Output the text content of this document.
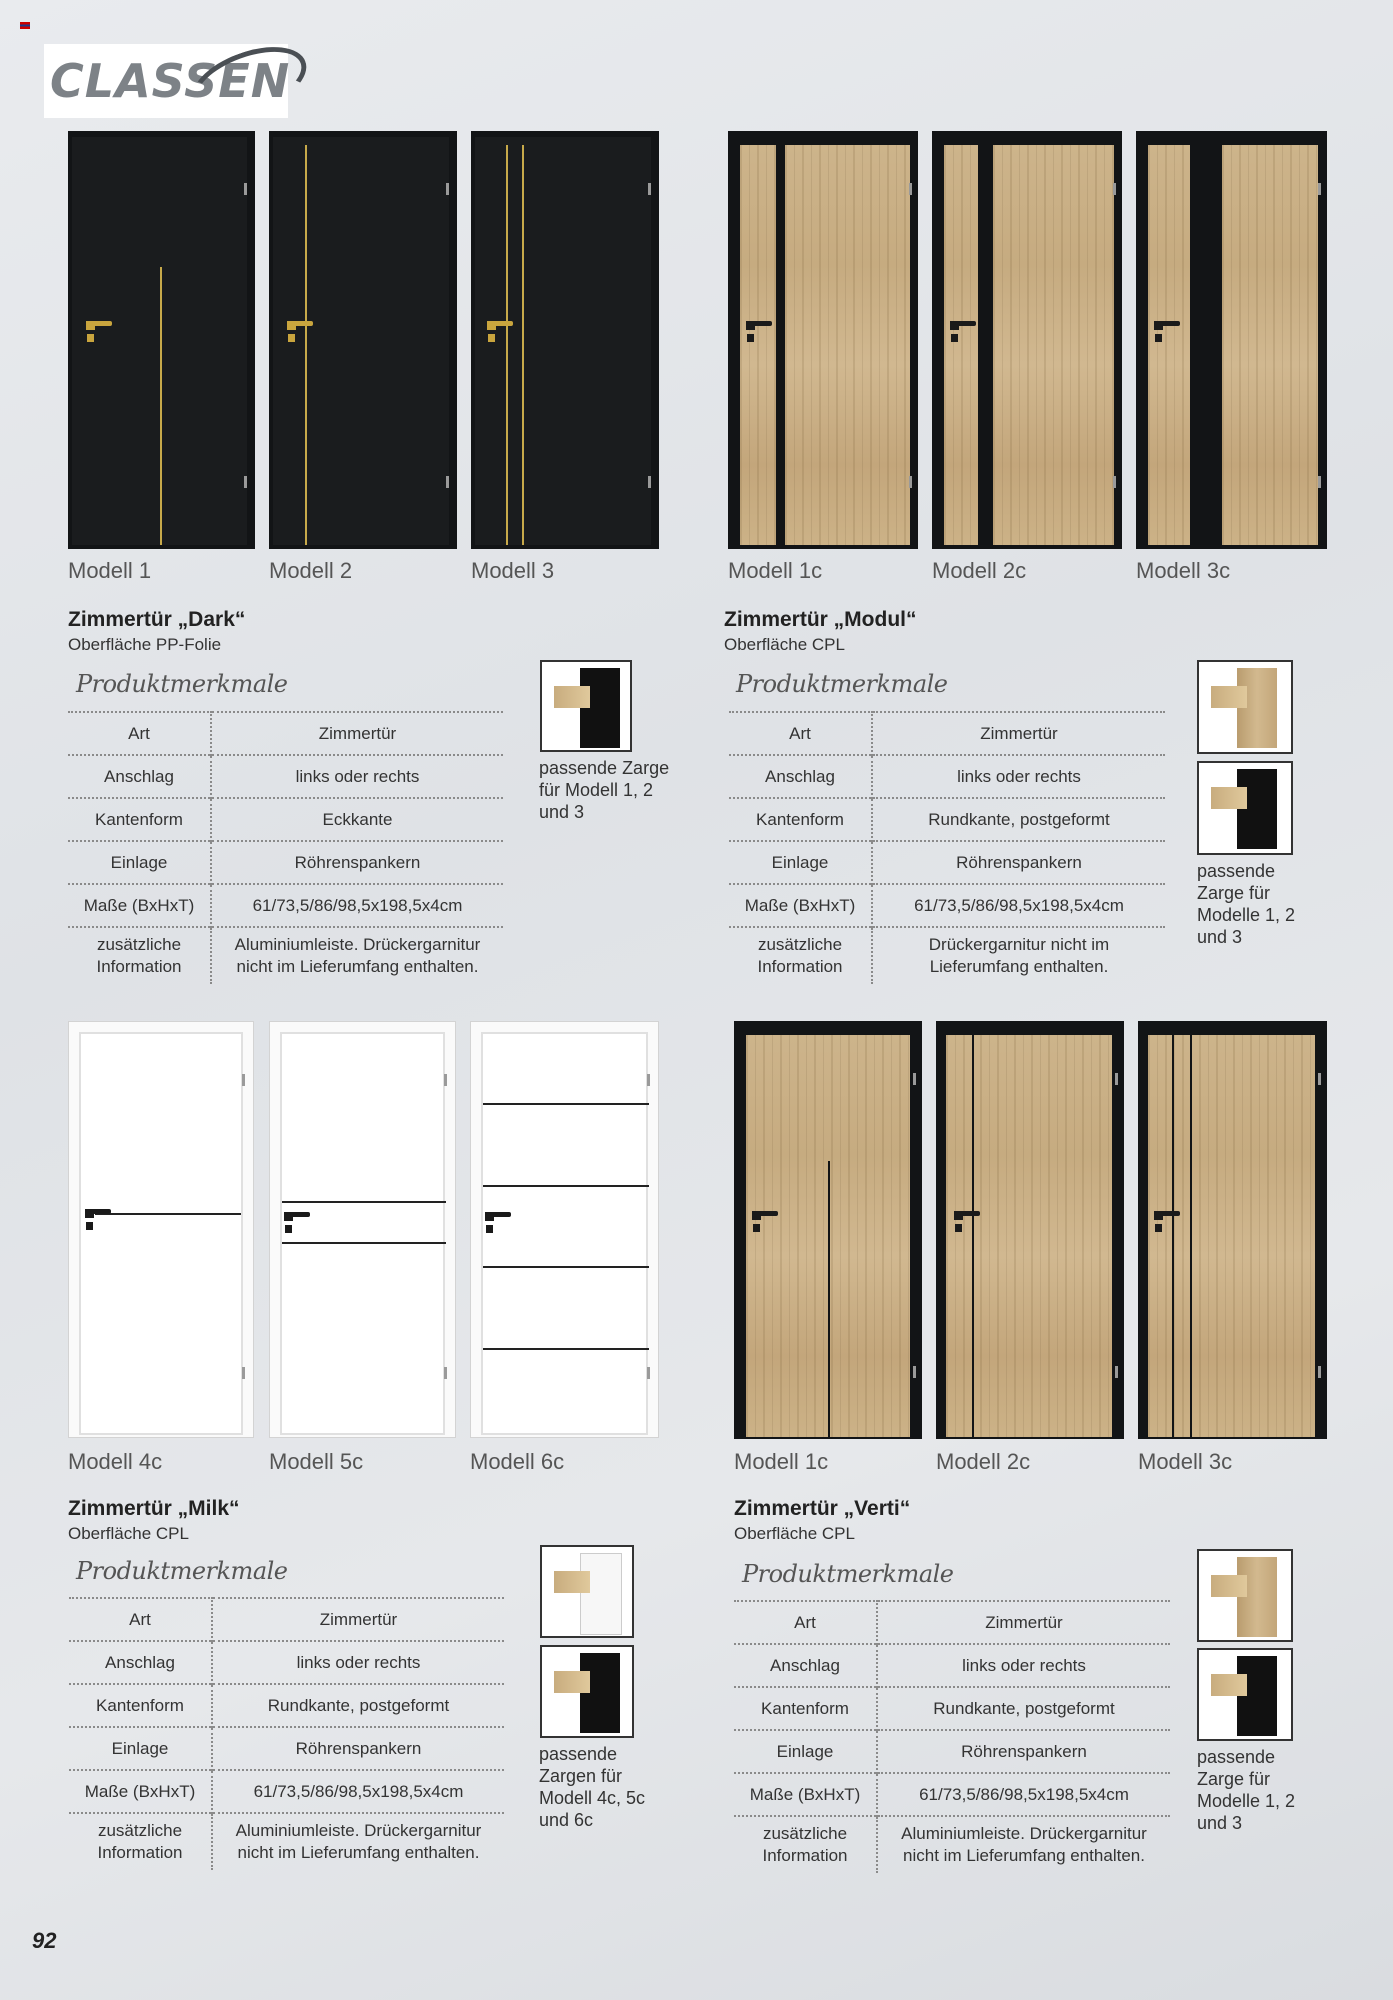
CLASSEN
Modell 1	Modell 2	Modell 3
Zimmertür „Dark“
Oberfläche PP-Folie
Produktmerkmale
Art	Zimmertür
Anschlag	links oder rechts
Kantenform	Eckkante
Einlage	Röhrenspankern
Maße (BxHxT)	61/73,5/86/98,5x198,5x4cm
zusätzliche Information	Aluminiumleiste. Drückergarnitur nicht im Lieferumfang enthalten.
passende Zarge für Modell 1, 2 und 3
Modell 1c	Modell 2c	Modell 3c
Zimmertür „Modul“
Oberfläche CPL
Produktmerkmale
Art	Zimmertür
Anschlag	links oder rechts
Kantenform	Rundkante, postgeformt
Einlage	Röhrenspankern
Maße (BxHxT)	61/73,5/86/98,5x198,5x4cm
zusätzliche Information	Drückergarnitur nicht im Lieferumfang enthalten.
passende Zarge für Modelle 1, 2 und 3
Modell 4c	Modell 5c	Modell 6c
Zimmertür „Milk“
Oberfläche CPL
Produktmerkmale
Art	Zimmertür
Anschlag	links oder rechts
Kantenform	Rundkante, postgeformt
Einlage	Röhrenspankern
Maße (BxHxT)	61/73,5/86/98,5x198,5x4cm
zusätzliche Information	Aluminiumleiste. Drückergarnitur nicht im Lieferumfang enthalten.
passende Zargen für Modell 4c, 5c und 6c
Modell 1c	Modell 2c	Modell 3c
Zimmertür „Verti“
Oberfläche CPL
Produktmerkmale
Art	Zimmertür
Anschlag	links oder rechts
Kantenform	Rundkante, postgeformt
Einlage	Röhrenspankern
Maße (BxHxT)	61/73,5/86/98,5x198,5x4cm
zusätzliche Information	Aluminiumleiste. Drückergarnitur nicht im Lieferumfang enthalten.
passende Zarge für Modelle 1, 2 und 3
92
